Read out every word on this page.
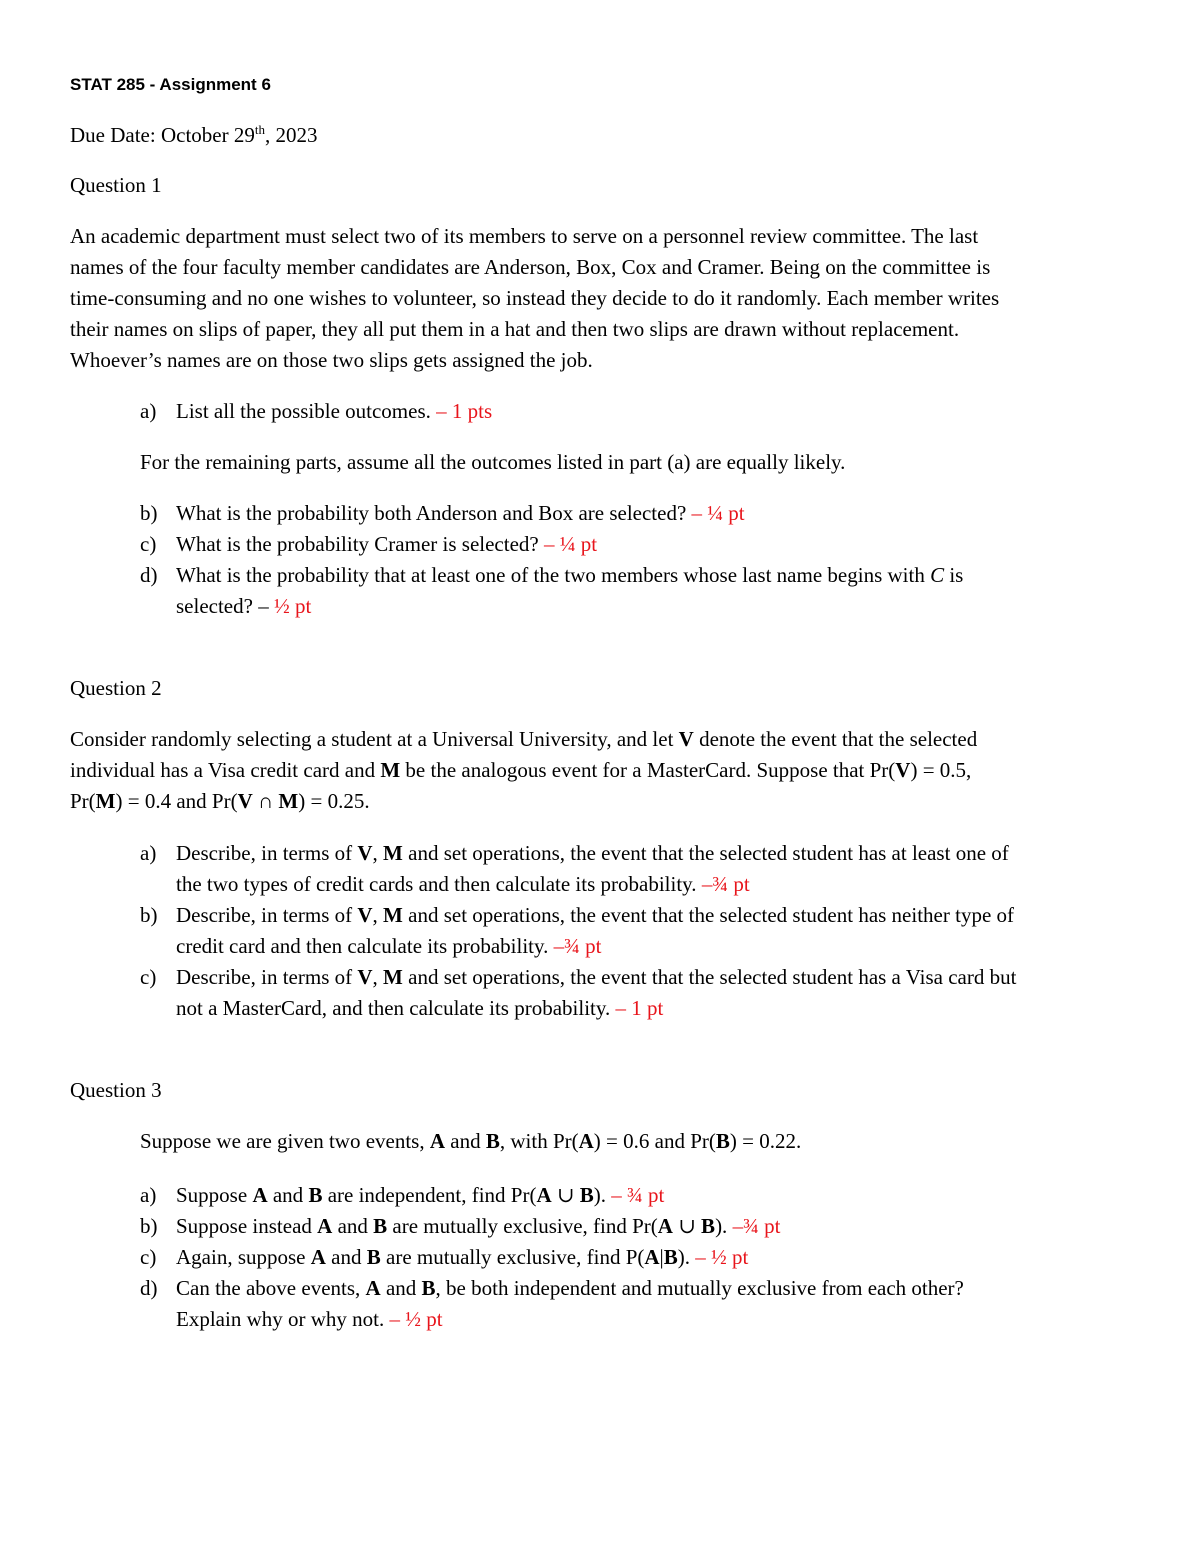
STAT 285 - Assignment 6
Due Date: October 29th, 2023
Question 1

An academic department must select two of its members to serve on a personnel review committee. The last

names of the four faculty member candidates are Anderson, Box, Cox and Cramer. Being on the committee is

time-consuming and no one wishes to volunteer, so instead they decide to do it randomly. Each member writes

their names on slips of paper, they all put them in a hat and then two slips are drawn without replacement.

Whoever’s names are on those two slips gets assigned the job.

a) List all the possible outcomes. – 1 pts
For the remaining parts, assume all the outcomes listed in part (a) are equally likely.
b) What is the probability both Anderson and Box are selected? – ¼ pt
c) What is the probability Cramer is selected? – ¼ pt
d) What is the probability that at least one of the two members whose last name begins with C is
selected? – ½ pt
Question 2

Consider randomly selecting a student at a Universal University, and let V denote the event that the selected

individual has a Visa credit card and M be the analogous event for a MasterCard. Suppose that Pr(V) = 0.5,

Pr(M) = 0.4 and Pr(V ∩ M) = 0.25.

a) Describe, in terms of V, M and set operations, the event that the selected student has at least one of
the two types of credit cards and then calculate its probability. –¾ pt
b) Describe, in terms of V, M and set operations, the event that the selected student has neither type of
credit card and then calculate its probability. –¾ pt
c) Describe, in terms of V, M and set operations, the event that the selected student has a Visa card but
not a MasterCard, and then calculate its probability. – 1 pt
Question 3
Suppose we are given two events, A and B, with Pr(A) = 0.6 and Pr(B) = 0.22.
a) Suppose A and B are independent, find Pr(A ∪ B). – ¾ pt
b) Suppose instead A and B are mutually exclusive, find Pr(A ∪ B). –¾ pt
c) Again, suppose A and B are mutually exclusive, find P(A|B). – ½ pt
d) Can the above events, A and B, be both independent and mutually exclusive from each other?
Explain why or why not. – ½ pt
